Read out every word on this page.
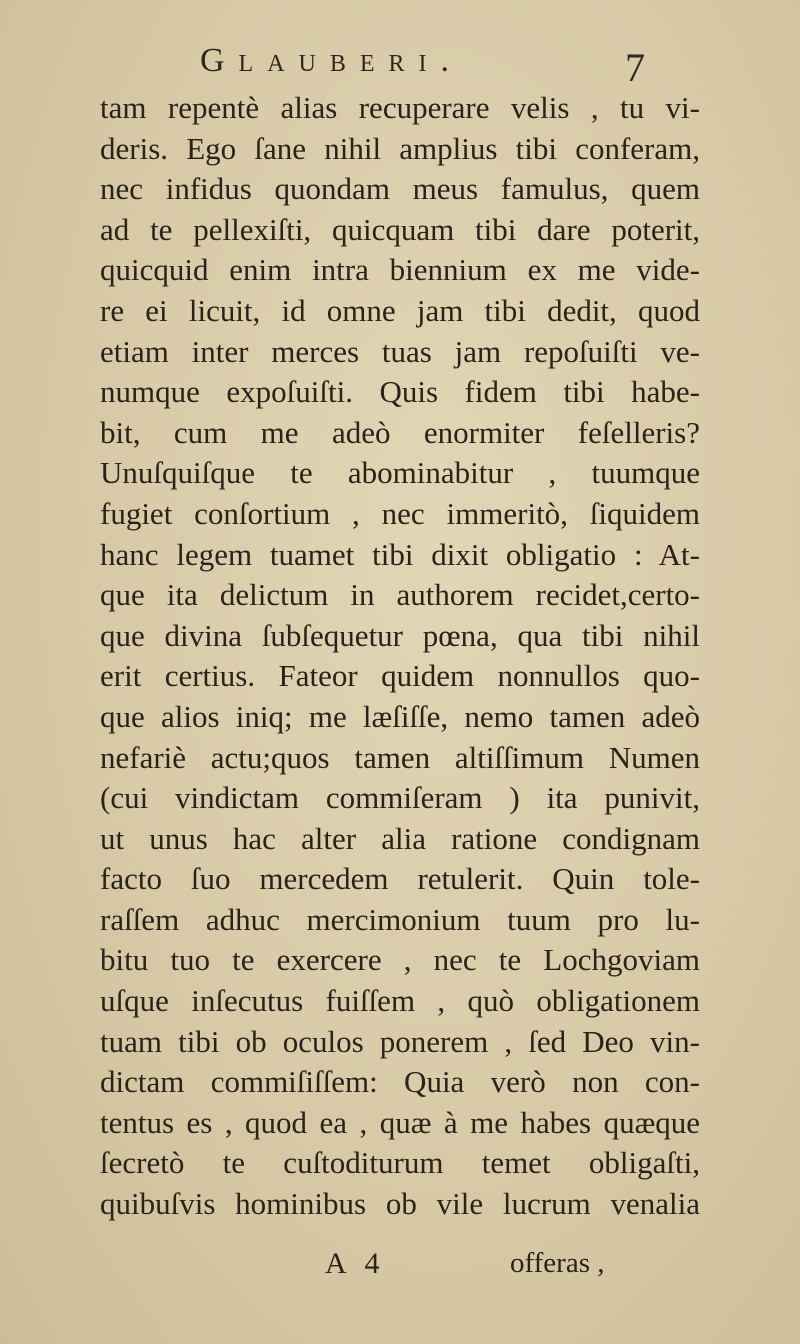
Glauberi.	7
tam repentè alias recuperare velis , tu vi-
deris. Ego ſane nihil amplius tibi conferam,
nec infidus quondam meus famulus, quem
ad te pellexiſti, quicquam tibi dare poterit,
quicquid enim intra biennium ex me vide-
re ei licuit, id omne jam tibi dedit, quod
etiam inter merces tuas jam repoſuiſti ve-
numque expoſuiſti. Quis fidem tibi habe-
bit, cum me adeò enormiter feſelleris?
Unuſquiſque te abominabitur , tuumque
fugiet conſortium , nec immeritò, ſiquidem
hanc legem tuamet tibi dixit obligatio : At-
que ita delictum in authorem recidet,certo-
que divina ſubſequetur pœna, qua tibi nihil
erit certius. Fateor quidem nonnullos quo-
que alios iniq; me læſiſſe, nemo tamen adeò
nefariè actu;quos tamen altiſſimum Numen
(cui vindictam commiſeram ) ita punivit,
ut unus hac alter alia ratione condignam
facto ſuo mercedem retulerit. Quin tole-
raſſem adhuc mercimonium tuum pro lu-
bitu tuo te exercere , nec te Lochgoviam
uſque inſecutus fuiſſem , quò obligationem
tuam tibi ob oculos ponerem , ſed Deo vin-
dictam commiſiſſem: Quia verò non con-
tentus es , quod ea , quæ à me habes quæque
ſecretò te cuſtoditurum temet obligaſti,
quibuſvis hominibus ob vile lucrum venalia
A 4	offeras ,
